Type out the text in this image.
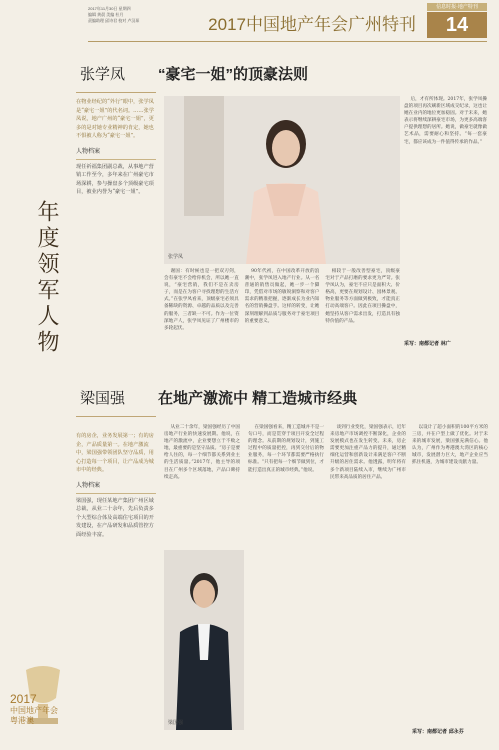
2017年11月30日 星期四
编辑 黄晨 美编 杜月
责编助理 邱诗君 校对 卢汉琛
信息时报·地产特刊
2017中国地产年会广州特刊	14
年度领军人物
2017
中国地产年会
粤港澳
张学凤 “豪宅一姐”的顶豪法则
在物业经纪的“外行”眼中，张学凤是“豪宅一姐”的代名词。……张学凤说，地产广州的“豪宅一姐”，更多的是对她专业精神的肯定，她也不惧被人称为“豪宅一姐”。
人物档案
现任祈福集团副总裁，从事地产营销工作至今，多年来在广州豪宅市场深耕，参与操盘多个顶级豪宅项目，被业内誉为“豪宅一姐”。
张学凤
后，才有所体现。2017年，张学凤操盘的项目再次刷新区域成交纪录，这也让她在业内的地位更加稳固。对于未来，她表示将继续深耕豪宅市场，为更多高端客户提供理想的居所。她说，做豪宅就像做艺术品，需要耐心和坚持。“每一套豪宅，都应该成为一件值得传承的作品。”
采写：南都记者 林广
谢国：有时候也是一把双刃剑，会有豪宅不会给你机会，所以她一直说，“豪宅营销，我们不是在卖房子，而是在为客户寻找理想的生活方式。”在张学凤看来，顶级豪宅必须具备稀缺的资源、卓越的品质以及完善的服务，三者缺一不可。作为一位资深地产人，张学凤见证了广州楼市的多轮起伏。
90年代初，在中国改革开放的浪潮中，张学凤进入地产行业。从一名普通的销售员做起，她一步一个脚印，凭借对市场的敏锐洞察和对客户需求的精准把握，逐渐成长为业内知名的营销操盘手。这样的转变，让她深刻理解到品质与服务对于豪宅项目的重要意义。
相较于一般改善型豪宅，顶级豪宅对于产品打磨的要求更为严苛。张学凤认为，豪宅不应只是面积大、价格高，更要在规划设计、园林景观、物业服务等方面做到极致，才能真正打动高端客户。因此在项目操盘中，她坚持从客户需求出发，打造具有独特价值的产品。
梁国强 在地产激流中 精工造城市经典
有的房企，业务发展第一；有的房企，产品质量第一。在地产激流中，梁国强带领团队坚守品质，用心打造每一个项目，让产品成为城市中的经典。
人物档案
梁国强，现任某地产集团广州区域总裁，从业二十余年，先后负责多个大型综合体及高端住宅项目的开发建设，在产品研发和品质管控方面经验丰富。
从业二十余年，梁国强经历了中国房地产行业的快速发展期。他说，在地产的激流中，企业要想立于不败之地，最重要的是坚守品质。“房子是要给人住的，每一个细节都关系到业主的生活质量。”2017年，他主导的项目在广州多个区域落地，产品口碑持续走高。
梁国强
在梁国强看来，精工造城并不是一句口号，而是贯穿于项目开发全过程的理念。从前期的规划设计，到施工过程中的质量把控，再到交付后的物业服务，每一个环节都需要严格执行标准。“只有把每一个细节做到位，才能打造出真正的城市经典。”他说。
谈到行业变化，梁国强表示，近年来房地产市场调控不断深化，企业的发展模式也在发生转变。未来，房企需要更加注重产品力的提升，通过精细化运营和创新设计来满足客户不断升级的居住需求。他透露，明年将有多个新项目陆续入市，继续为广州市民带来高品质的居住产品。
以设计了超小面积的100平方米的三房，并在户型上做了优化。对于未来的城市发展，梁国强充满信心。他认为，广州作为粤港澳大湾区的核心城市，发展潜力巨大，地产企业应当抓住机遇，为城市建设贡献力量。
采写：南都记者 邱永芬
